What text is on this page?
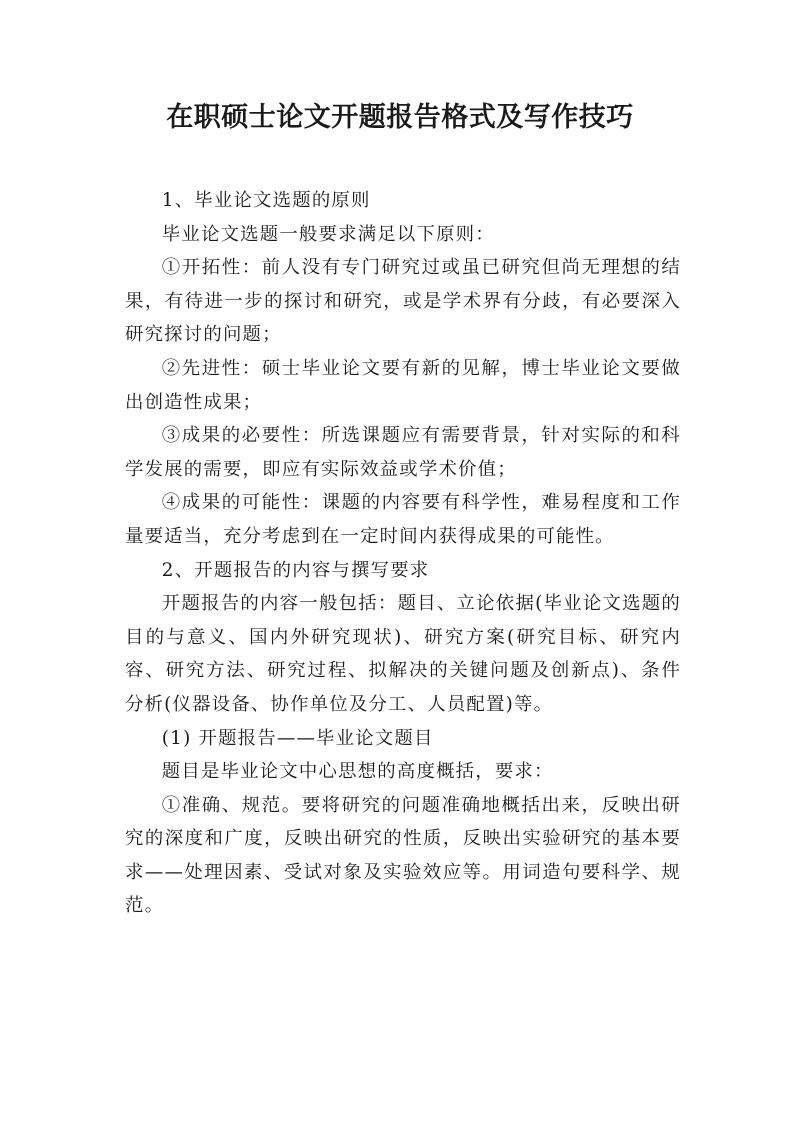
在职硕士论文开题报告格式及写作技巧

1、毕业论文选题的原则

毕业论文选题一般要求满足以下原则：

①开拓性：前人没有专门研究过或虽已研究但尚无理想的结果，有待进一步的探讨和研究，或是学术界有分歧，有必要深入研究探讨的问题；

②先进性：硕士毕业论文要有新的见解，博士毕业论文要做出创造性成果；

③成果的必要性：所选课题应有需要背景，针对实际的和科学发展的需要，即应有实际效益或学术价值；

④成果的可能性：课题的内容要有科学性，难易程度和工作量要适当，充分考虑到在一定时间内获得成果的可能性。

2、开题报告的内容与撰写要求

开题报告的内容一般包括：题目、立论依据(毕业论文选题的目的与意义、国内外研究现状)、研究方案(研究目标、研究内容、研究方法、研究过程、拟解决的关键问题及创新点)、条件分析(仪器设备、协作单位及分工、人员配置)等。

(1) 开题报告——毕业论文题目

题目是毕业论文中心思想的高度概括，要求：

①准确、规范。要将研究的问题准确地概括出来，反映出研究的深度和广度，反映出研究的性质，反映出实验研究的基本要求——处理因素、受试对象及实验效应等。用词造句要科学、规范。
